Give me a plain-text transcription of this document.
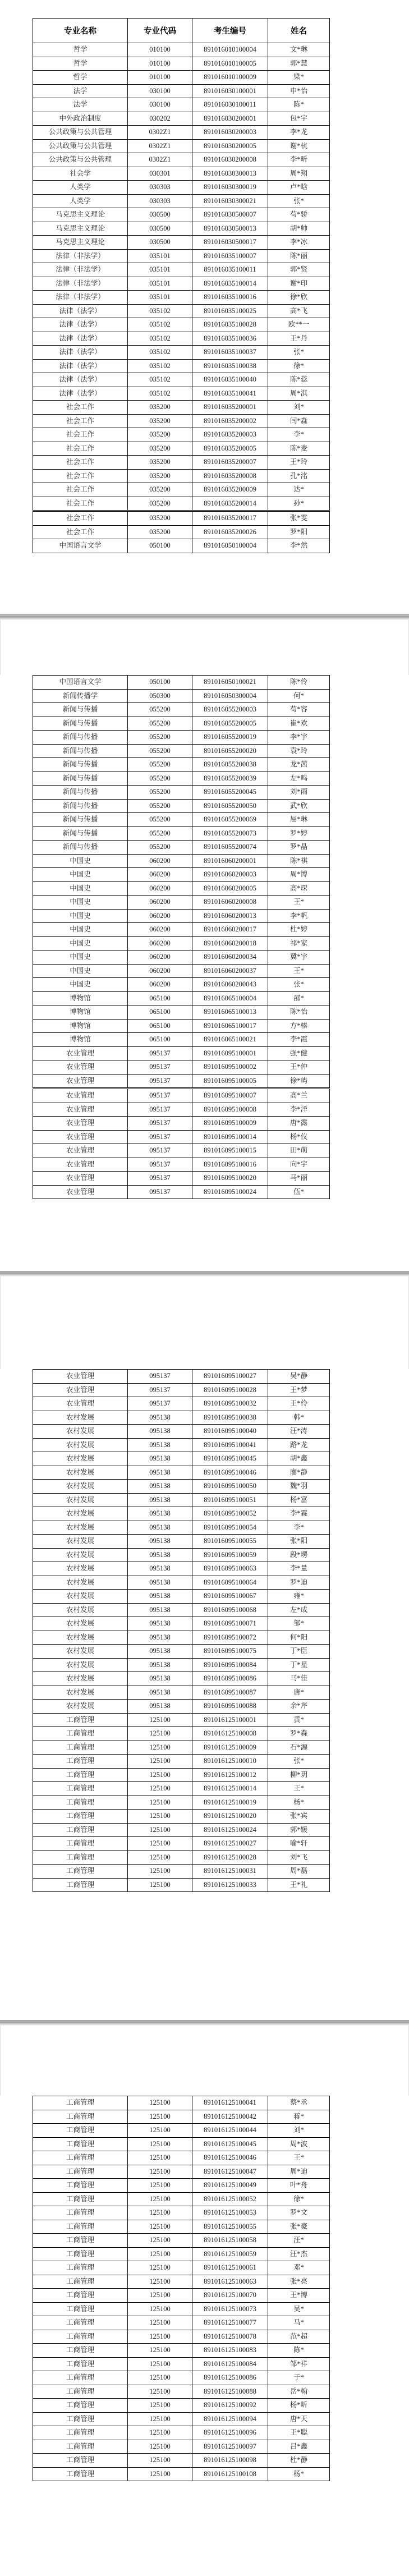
专业名称	专业代码	考生编号	姓名
哲学	010100	891016010100004	文*琳
哲学	010100	891016010100005	郭*慧
哲学	010100	891016010100009	梁*
法学	030100	891016030100001	申*怡
法学	030100	891016030100011	陈*
中外政治制度	030202	891016030200001	包*宇
公共政策与公共管理	0302Z1	891016030200003	李*龙
公共政策与公共管理	0302Z1	891016030200005	谢*杭
公共政策与公共管理	0302Z1	891016030200008	李*昕
社会学	030301	891016030300013	周*翔
人类学	030303	891016030300019	卢*晗
人类学	030303	891016030300021	张*
马克思主义理论	030500	891016030500007	苟*骄
马克思主义理论	030500	891016030500013	胡*帅
马克思主义理论	030500	891016030500017	李*冰
法律（非法学）	035101	891016035100007	陈*丽
法律（非法学）	035101	891016035100011	郭*贤
法律（非法学）	035101	891016035100014	谢*印
法律（非法学）	035101	891016035100016	徐*欣
法律（法学）	035102	891016035100025	高*飞
法律（法学）	035102	891016035100028	欧**一
法律（法学）	035102	891016035100036	王*丹
法律（法学）	035102	891016035100037	张*
法律（法学）	035102	891016035100038	徐*
法律（法学）	035102	891016035100040	陈*蕊
法律（法学）	035102	891016035100041	周*淇
社会工作	035200	891016035200001	刘*
社会工作	035200	891016035200002	闫*淼
社会工作	035200	891016035200003	李*
社会工作	035200	891016035200005	陈*麦
社会工作	035200	891016035200007	王*玲
社会工作	035200	891016035200008	孔*洺
社会工作	035200	891016035200009	达*
社会工作	035200	891016035200014	孙*
社会工作	035200	891016035200017	张*雯
社会工作	035200	891016035200026	罗*阳
中国语言文学	050100	891016050100004	李*然
中国语言文学	050100	891016050100021	陈*伶
新闻传播学	050300	891016050300004	何*
新闻与传播	055200	891016055200003	苟*容
新闻与传播	055200	891016055200005	崔*欢
新闻与传播	055200	891016055200019	李*宇
新闻与传播	055200	891016055200020	袁*玲
新闻与传播	055200	891016055200038	龙*茜
新闻与传播	055200	891016055200039	左*鸣
新闻与传播	055200	891016055200045	刘*雨
新闻与传播	055200	891016055200050	武*欣
新闻与传播	055200	891016055200069	屈*琳
新闻与传播	055200	891016055200073	罗*婷
新闻与传播	055200	891016055200074	罗*晶
中国史	060200	891016060200001	陈*祺
中国史	060200	891016060200003	周*博
中国史	060200	891016060200005	高*琛
中国史	060200	891016060200008	王*
中国史	060200	891016060200013	李*帆
中国史	060200	891016060200017	杜*婷
中国史	060200	891016060200018	祁*家
中国史	060200	891016060200034	冀*宇
中国史	060200	891016060200037	王*
中国史	060200	891016060200043	张*
博物馆	065100	891016065100004	邵*
博物馆	065100	891016065100013	陈*怡
博物馆	065100	891016065100017	方*榛
博物馆	065100	891016065100021	李*霞
农业管理	095137	891016095100001	强*健
农业管理	095137	891016095100002	王*仲
农业管理	095137	891016095100005	徐*屿
农业管理	095137	891016095100007	高*兰
农业管理	095137	891016095100008	李*洋
农业管理	095137	891016095100009	唐*露
农业管理	095137	891016095100014	杨*仪
农业管理	095137	891016095100015	田*萌
农业管理	095137	891016095100016	向*宇
农业管理	095137	891016095100020	马*丽
农业管理	095137	891016095100024	伍*
农业管理	095137	891016095100027	吴*静
农业管理	095137	891016095100028	王*梦
农业管理	095137	891016095100032	王*伶
农村发展	095138	891016095100038	韩*
农村发展	095138	891016095100040	汪*涛
农村发展	095138	891016095100041	路*龙
农村发展	095138	891016095100045	胡*鑫
农村发展	095138	891016095100046	廖*静
农村发展	095138	891016095100050	魏*羽
农村发展	095138	891016095100051	杨*富
农村发展	095138	891016095100052	李*霖
农村发展	095138	891016095100054	李*
农村发展	095138	891016095100055	张*阳
农村发展	095138	891016095100059	段*塄
农村发展	095138	891016095100063	李*量
农村发展	095138	891016095100064	罗*迪
农村发展	095138	891016095100067	雍*
农村发展	095138	891016095100068	左*成
农村发展	095138	891016095100071	邹*
农村发展	095138	891016095100072	何*阳
农村发展	095138	891016095100075	丁*臣
农村发展	095138	891016095100084	丁*星
农村发展	095138	891016095100086	马*佳
农村发展	095138	891016095100087	唐*
农村发展	095138	891016095100088	余*芹
工商管理	125100	891016125100001	黄*
工商管理	125100	891016125100008	罗*森
工商管理	125100	891016125100009	石*源
工商管理	125100	891016125100010	张*
工商管理	125100	891016125100012	柳*玥
工商管理	125100	891016125100014	王*
工商管理	125100	891016125100019	杨*
工商管理	125100	891016125100020	张*宾
工商管理	125100	891016125100024	郭*媛
工商管理	125100	891016125100027	喻*轩
工商管理	125100	891016125100028	刘*飞
工商管理	125100	891016125100031	周*磊
工商管理	125100	891016125100033	王*礼
工商管理	125100	891016125100041	蔡*丞
工商管理	125100	891016125100042	蒋*
工商管理	125100	891016125100044	刘*
工商管理	125100	891016125100045	周*波
工商管理	125100	891016125100046	王*
工商管理	125100	891016125100047	周*迪
工商管理	125100	891016125100049	叶*舟
工商管理	125100	891016125100052	徐*
工商管理	125100	891016125100053	罗*文
工商管理	125100	891016125100055	张*豪
工商管理	125100	891016125100058	汪*
工商管理	125100	891016125100059	汪*杰
工商管理	125100	891016125100061	邓*
工商管理	125100	891016125100063	张*亮
工商管理	125100	891016125100070	王*博
工商管理	125100	891016125100073	吴*
工商管理	125100	891016125100077	马*
工商管理	125100	891016125100078	范*超
工商管理	125100	891016125100083	陈*
工商管理	125100	891016125100084	邹*祥
工商管理	125100	891016125100086	于*
工商管理	125100	891016125100088	岳*翰
工商管理	125100	891016125100092	杨*昕
工商管理	125100	891016125100094	唐*天
工商管理	125100	891016125100096	王*聪
工商管理	125100	891016125100097	吕*鑫
工商管理	125100	891016125100098	杜*静
工商管理	125100	891016125100108	杨*
